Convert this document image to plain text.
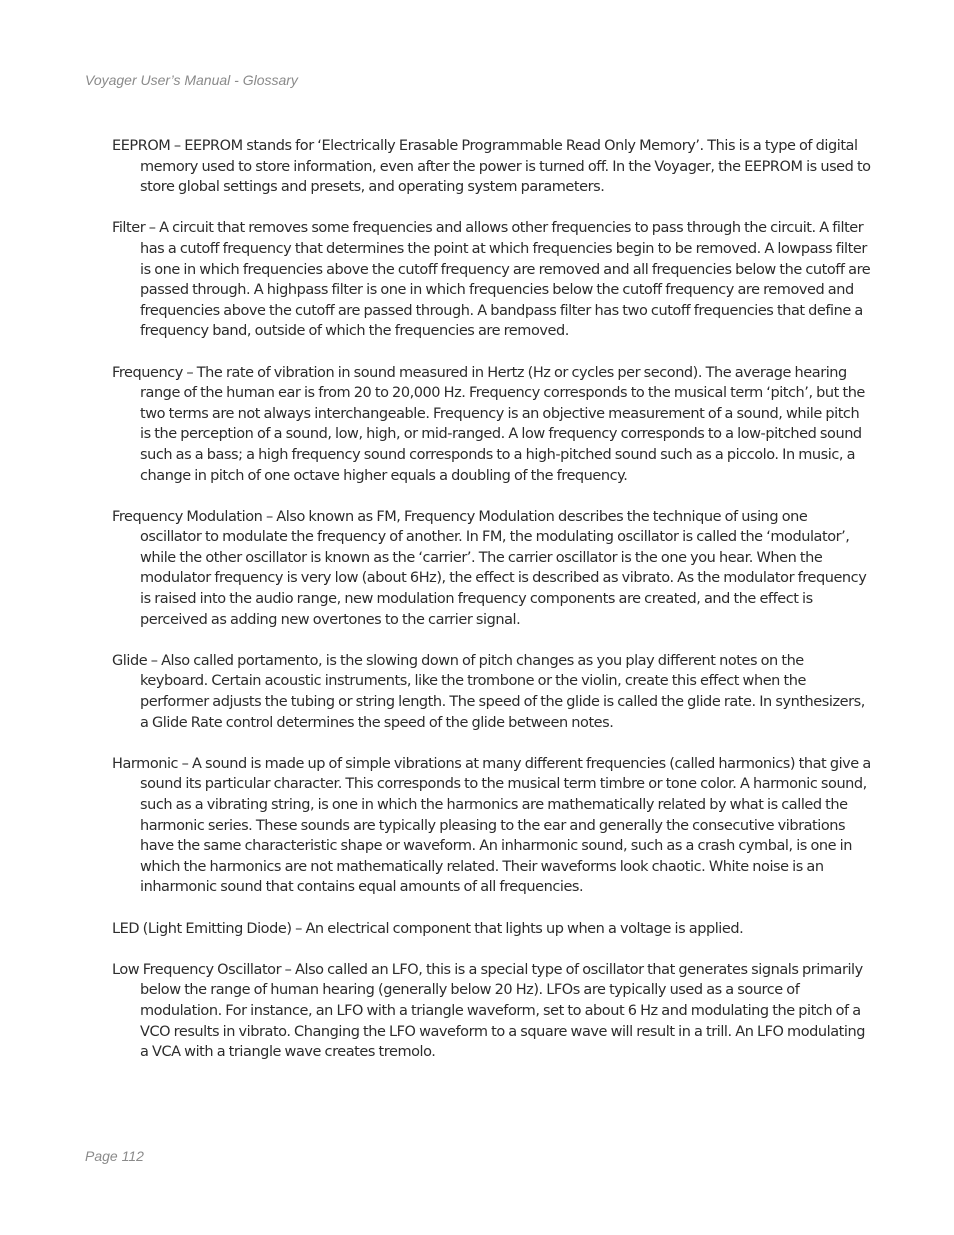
Voyager User’s Manual - Glossary

EEPROM – EEPROM stands for ‘Electrically Erasable Programmable Read Only Memory’. This is a type of digital memory used to store information, even after the power is turned off. In the Voyager, the EEPROM is used to store global settings and presets, and operating system parameters.

Filter – A circuit that removes some frequencies and allows other frequencies to pass through the circuit. A filter has a cutoff frequency that determines the point at which frequencies begin to be removed. A lowpass filter is one in which frequencies above the cutoff frequency are removed and all frequencies below the cutoff are passed through. A highpass filter is one in which frequencies below the cutoff frequency are removed and frequencies above the cutoff are passed through. A bandpass filter has two cutoff frequencies that define a frequency band, outside of which the frequencies are removed.

Frequency – The rate of vibration in sound measured in Hertz (Hz or cycles per second). The average hearing range of the human ear is from 20 to 20,000 Hz. Frequency corresponds to the musical term ‘pitch’, but the two terms are not always interchangeable. Frequency is an objective measurement of a sound, while pitch is the perception of a sound, low, high, or mid-ranged. A low frequency corresponds to a low-pitched sound such as a bass; a high frequency sound corresponds to a high-pitched sound such as a piccolo. In music, a change in pitch of one octave higher equals a doubling of the frequency.

Frequency Modulation – Also known as FM, Frequency Modulation describes the technique of using one oscillator to modulate the frequency of another. In FM, the modulating oscillator is called the ‘modulator’, while the other oscillator is known as the ‘carrier’. The carrier oscillator is the one you hear. When the modulator frequency is very low (about 6Hz), the effect is described as vibrato. As the modulator frequency is raised into the audio range, new modulation frequency components are created, and the effect is perceived as adding new overtones to the carrier signal.

Glide – Also called portamento, is the slowing down of pitch changes as you play different notes on the keyboard. Certain acoustic instruments, like the trombone or the violin, create this effect when the performer adjusts the tubing or string length. The speed of the glide is called the glide rate. In synthesizers, a Glide Rate control determines the speed of the glide between notes.

Harmonic – A sound is made up of simple vibrations at many different frequencies (called harmonics) that give a sound its particular character. This corresponds to the musical term timbre or tone color. A harmonic sound, such as a vibrating string, is one in which the harmonics are mathematically related by what is called the harmonic series. These sounds are typically pleasing to the ear and generally the consecutive vibrations have the same characteristic shape or waveform. An inharmonic sound, such as a crash cymbal, is one in which the harmonics are not mathematically related. Their waveforms look chaotic. White noise is an inharmonic sound that contains equal amounts of all frequencies.

LED (Light Emitting Diode) – An electrical component that lights up when a voltage is applied.

Low Frequency Oscillator – Also called an LFO, this is a special type of oscillator that generates signals primarily below the range of human hearing (generally below 20 Hz). LFOs are typically used as a source of modulation. For instance, an LFO with a triangle waveform, set to about 6 Hz and modulating the pitch of a VCO results in vibrato. Changing the LFO waveform to a square wave will result in a trill. An LFO modulating a VCA with a triangle wave creates tremolo.

Page 112
